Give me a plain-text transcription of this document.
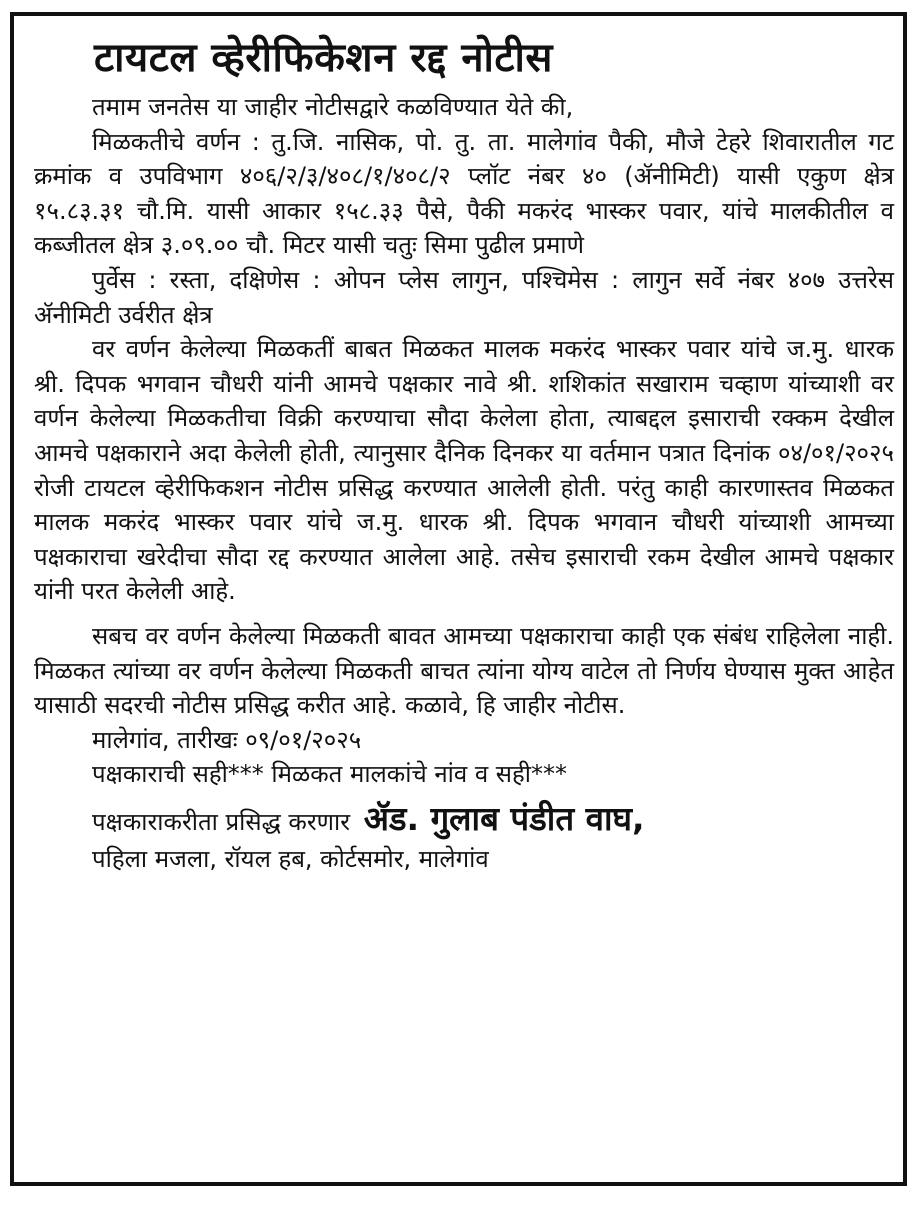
टायटल व्हेरीफिकेशन रद्द नोटीस

तमाम जनतेस या जाहीर नोटीसद्वारे कळविण्यात येते की,

मिळकतीचे वर्णन : तु.जि. नासिक, पो. तु. ता. मालेगांव पैकी, मौजे टेहरे शिवारातील गट क्रमांक व उपविभाग ४०६/२/३/४०८/१/४०८/२ प्लॉट नंबर ४० (ॲनीमिटी) यासी एकुण क्षेत्र १५.८३.३१ चौ.मि. यासी आकार १५८.३३ पैसे, पैकी मकरंद भास्कर पवार, यांचे मालकीतील व कब्जीतल क्षेत्र ३.०९.०० चौ. मिटर यासी चतुः सिमा पुढील प्रमाणे

पुर्वेस : रस्ता, दक्षिणेस : ओपन प्लेस लागुन, पश्चिमेस : लागुन सर्वे नंबर ४०७ उत्तरेस ॲनीमिटी उर्वरीत क्षेत्र

वर वर्णन केलेल्या मिळकतीं बाबत मिळकत मालक मकरंद भास्कर पवार यांचे ज.मु. धारक श्री. दिपक भगवान चौधरी यांनी आमचे पक्षकार नावे श्री. शशिकांत सखाराम चव्हाण यांच्याशी वर वर्णन केलेल्या मिळकतीचा विक्री करण्याचा सौदा केलेला होता, त्याबद्दल इसाराची रक्कम देखील आमचे पक्षकाराने अदा केलेली होती, त्यानुसार दैनिक दिनकर या वर्तमान पत्रात दिनांक ०४/०१/२०२५ रोजी टायटल व्हेरीफिकशन नोटीस प्रसिद्ध करण्यात आलेली होती. परंतु काही कारणास्तव मिळकत मालक मकरंद भास्कर पवार यांचे ज.मु. धारक श्री. दिपक भगवान चौधरी यांच्याशी आमच्या पक्षकाराचा खरेदीचा सौदा रद्द करण्यात आलेला आहे. तसेच इसाराची रकम देखील आमचे पक्षकार यांनी परत केलेली आहे.

सबच वर वर्णन केलेल्या मिळकती बावत आमच्या पक्षकाराचा काही एक संबंध राहिलेला नाही. मिळकत त्यांच्या वर वर्णन केलेल्या मिळकती बाचत त्यांना योग्य वाटेल तो निर्णय घेण्यास मुक्त आहेत यासाठी सदरची नोटीस प्रसिद्ध करीत आहे. कळावे, हि जाहीर नोटीस.

मालेगांव, तारीखः ०९/०१/२०२५
पक्षकाराची सही*** मिळकत मालकांचे नांव व सही***
पक्षकाराकरीता प्रसिद्ध करणार ॲड. गुलाब पंडीत वाघ,
पहिला मजला, रॉयल हब, कोर्टसमोर, मालेगांव
